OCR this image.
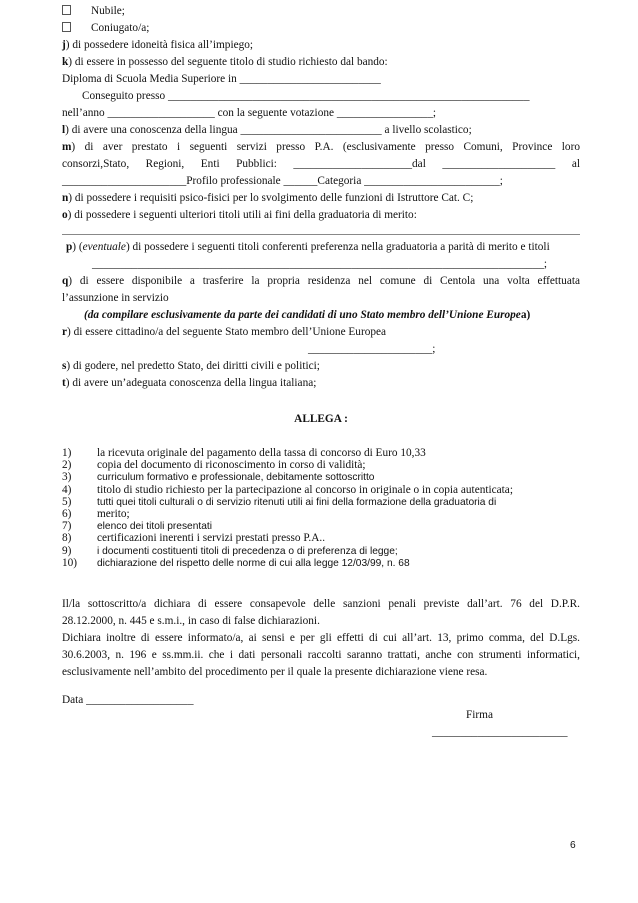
Nubile;
Coniugato/a;
j) di possedere idoneità fisica all’impiego;
k) di essere in possesso del seguente titolo di studio richiesto dal bando:
Diploma di Scuola Media Superiore in _________________________
Conseguito presso ________________________________________________________________
nell’anno ___________________ con la seguente votazione _________________;
l) di avere una conoscenza della lingua _________________________ a livello scolastico;
m) di aver prestato i seguenti servizi presso P.A. (esclusivamente presso Comuni, Province loro
consorzi,Stato, Regioni, Enti Pubblici: _____________________dal ____________________ al
______________________Profilo professionale ______Categoria ________________________;
n) di possedere i requisiti psico-fisici per lo svolgimento delle funzioni di Istruttore Cat. C;
o) di possedere i seguenti ulteriori titoli utili ai fini della graduatoria di merito:
p) (eventuale) di possedere i seguenti titoli conferenti preferenza nella graduatoria a parità di merito e titoli
________________________________________________________________________________;
q) di essere disponibile a trasferire la propria residenza nel comune di Centola una volta effettuata
l’assunzione in servizio
(da compilare esclusivamente da parte dei candidati di uno Stato membro dell’Unione Europea)
r) di essere cittadino/a del seguente Stato membro dell’Unione Europea
______________________;
s) di godere, nel predetto Stato, dei diritti civili e politici;
t) di avere un’adeguata conoscenza della lingua italiana;
ALLEGA :
1)	la ricevuta originale del pagamento della tassa di concorso di Euro 10,33
2)	copia del documento di riconoscimento in corso di validità;
3)	curriculum formativo e professionale, debitamente sottoscritto
4)	titolo di studio richiesto per la partecipazione al concorso in originale o in copia autenticata;
5)	tutti quei titoli culturali o di servizio ritenuti utili ai fini della formazione della graduatoria di
6)	merito;
7)	elenco dei titoli presentati
8)	certificazioni inerenti i servizi prestati presso P.A..
9)	i documenti costituenti titoli di precedenza o di preferenza di legge;
10)	dichiarazione del rispetto delle norme di cui alla legge 12/03/99, n. 68
Il/la sottoscritto/a dichiara di essere consapevole delle sanzioni penali previste dall’art. 76 del D.P.R.
28.12.2000, n. 445 e s.m.i., in caso di false dichiarazioni.
Dichiara inoltre di essere informato/a, ai sensi e per gli effetti di cui all’art. 13, primo comma, del D.Lgs.
30.6.2003, n. 196 e ss.mm.ii. che i dati personali raccolti saranno trattati, anche con strumenti informatici,
esclusivamente nell’ambito del procedimento per il quale la presente dichiarazione viene resa.
Data ___________________
Firma
________________________
6
